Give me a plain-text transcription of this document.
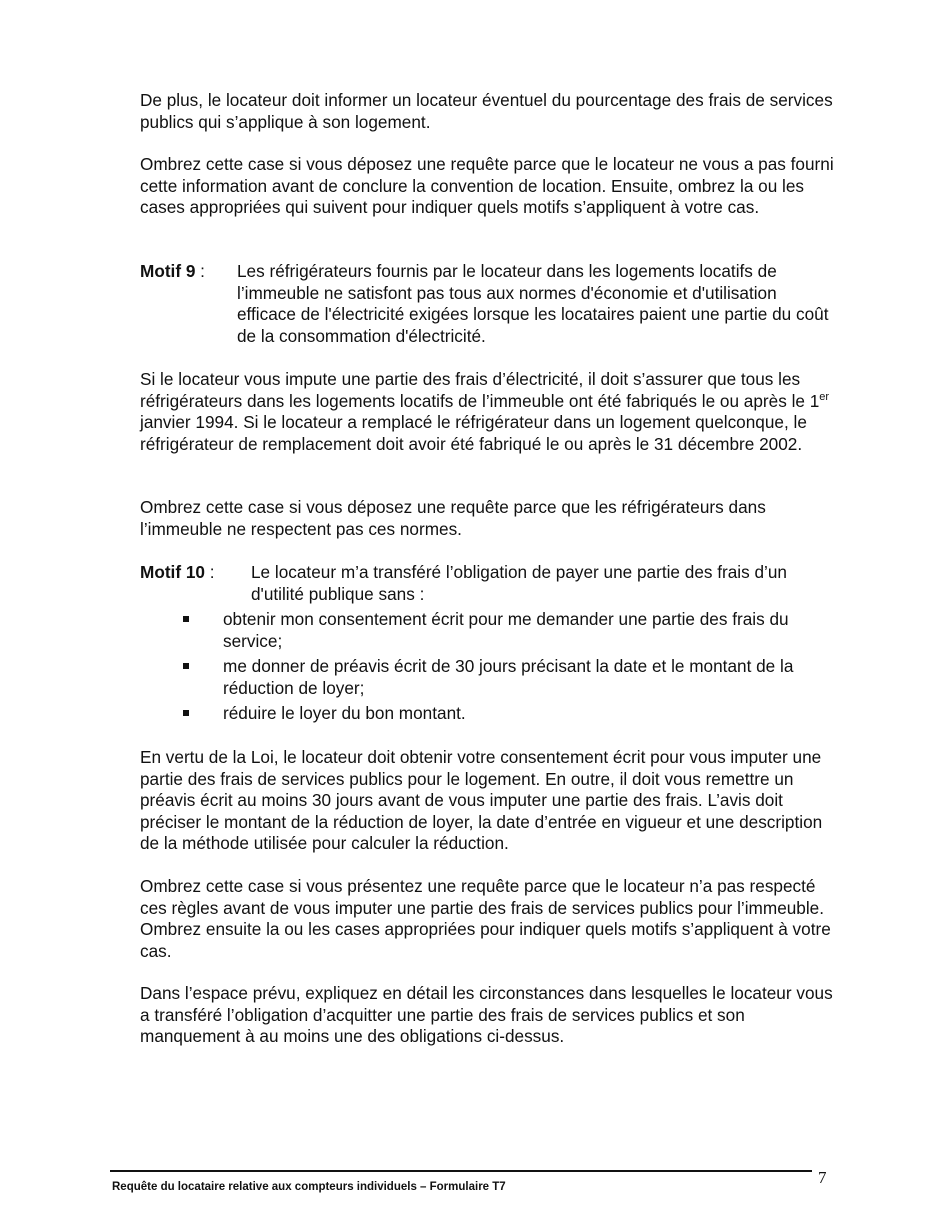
De plus, le locateur doit informer un locateur éventuel du pourcentage des frais de services publics qui s’applique à son logement.

Ombrez cette case si vous déposez une requête parce que le locateur ne vous a pas fourni cette information avant de conclure la convention de location. Ensuite, ombrez la ou les cases appropriées qui suivent pour indiquer quels motifs s’appliquent à votre cas.

Motif 9 : Les réfrigérateurs fournis par le locateur dans les logements locatifs de l’immeuble ne satisfont pas tous aux normes d'économie et d'utilisation efficace de l'électricité exigées lorsque les locataires paient une partie du coût de la consommation d'électricité.

Si le locateur vous impute une partie des frais d’électricité, il doit s’assurer que tous les réfrigérateurs dans les logements locatifs de l’immeuble ont été fabriqués le ou après le 1er janvier 1994. Si le locateur a remplacé le réfrigérateur dans un logement quelconque, le réfrigérateur de remplacement doit avoir été fabriqué le ou après le 31 décembre 2002.

Ombrez cette case si vous déposez une requête parce que les réfrigérateurs dans l’immeuble ne respectent pas ces normes.

Motif 10 : Le locateur m’a transféré l’obligation de payer une partie des frais d’un d'utilité publique sans :
obtenir mon consentement écrit pour me demander une partie des frais du service;
me donner de préavis écrit de 30 jours précisant la date et le montant de la réduction de loyer;
réduire le loyer du bon montant.

En vertu de la Loi, le locateur doit obtenir votre consentement écrit pour vous imputer une partie des frais de services publics pour le logement. En outre, il doit vous remettre un préavis écrit au moins 30 jours avant de vous imputer une partie des frais. L’avis doit préciser le montant de la réduction de loyer, la date d’entrée en vigueur et une description de la méthode utilisée pour calculer la réduction.

Ombrez cette case si vous présentez une requête parce que le locateur n’a pas respecté ces règles avant de vous imputer une partie des frais de services publics pour l’immeuble. Ombrez ensuite la ou les cases appropriées pour indiquer quels motifs s’appliquent à votre cas.

Dans l’espace prévu, expliquez en détail les circonstances dans lesquelles le locateur vous a transféré l’obligation d’acquitter une partie des frais de services publics et son manquement à au moins une des obligations ci-dessus.

Requête du locataire relative aux compteurs individuels – Formulaire T7	7
